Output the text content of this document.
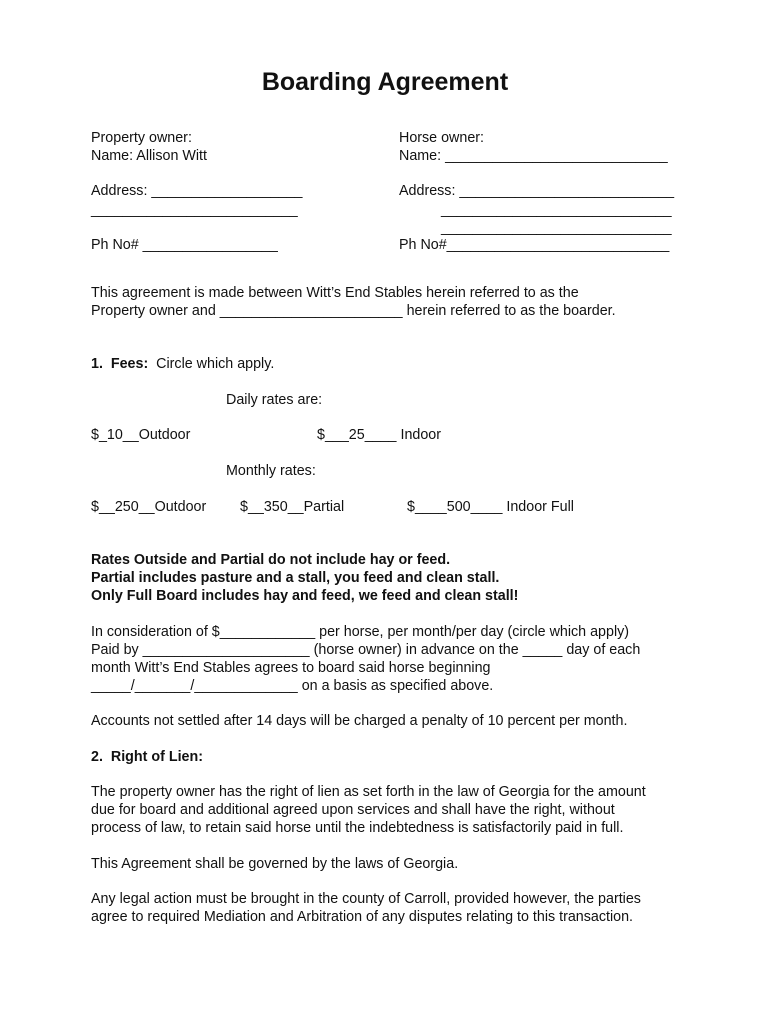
Boarding Agreement
Property owner:
Name: Allison Witt
Address: ___________________
__________________________
Ph No# _________________
Horse owner:
Name: ____________________________
Address: ___________________________
_____________________________
_____________________________
Ph No#____________________________
This agreement is made between Witt’s End Stables herein referred to as the
Property owner and _______________________ herein referred to as the boarder.
1.  Fees: Circle which apply.
Daily rates are:
$_10__Outdoor	$___25____ Indoor
Monthly rates:
$__250__Outdoor $__350__Partial	$____500____ Indoor Full
Rates Outside and Partial do not include hay or feed.
Partial includes pasture and a stall, you feed and clean stall.
Only Full Board includes hay and feed, we feed and clean stall!
In consideration of $____________ per horse, per month/per day (circle which apply)
Paid by _____________________ (horse owner) in advance on the _____ day of each
month Witt’s End Stables agrees to board said horse beginning
_____/_______/_____________ on a basis as specified above.
Accounts not settled after 14 days will be charged a penalty of 10 percent per month.
2.  Right of Lien:
The property owner has the right of lien as set forth in the law of Georgia for the amount
due for board and additional agreed upon services and shall have the right, without
process of law, to retain said horse until the indebtedness is satisfactorily paid in full.
This Agreement shall be governed by the laws of Georgia.
Any legal action must be brought in the county of Carroll, provided however, the parties
agree to required Mediation and Arbitration of any disputes relating to this transaction.
